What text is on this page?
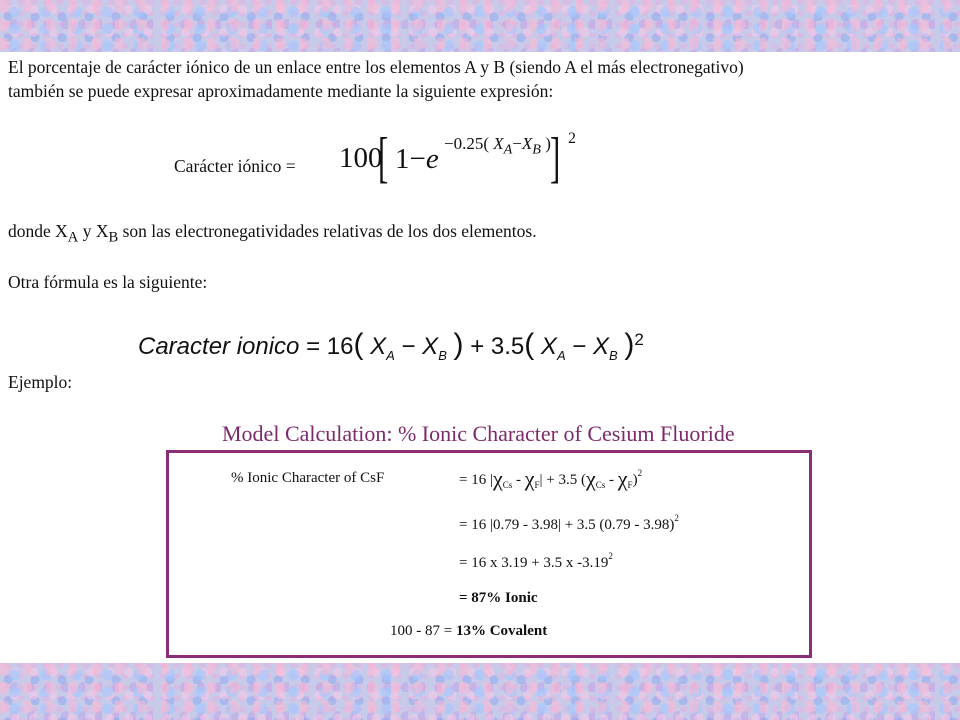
El porcentaje de carácter iónico de un enlace entre los elementos A y B (siendo A el más electronegativo)
también se puede expresar aproximadamente mediante la siguiente expresión:
Carácter iónico = 100
[ 1−e −0.25( $X_A-X_B$ ) ] 2
donde $X_A$ y $X_B$ son las electronegatividades relativas de los dos elementos.
Otra fórmula es la siguiente:
Caracter ionico = 16( $X_A - X_B$ ) + 3.5( $X_A - X_B$ )$^2$
Ejemplo:
Model Calculation: % Ionic Character of Cesium Fluoride
% Ionic Character of CsF	= 16 $|\chi_{Cs} - \chi_F| + 3.5$ $(\chi_{Cs} - \chi_F)^2$
= 16 |0.79 - 3.98| + 3.5 (0.79 - 3.98)$^2$
= 16 x 3.19 + 3.5 x $-3.19^2$
= 87% Ionic
100 - 87 = 13% Covalent
